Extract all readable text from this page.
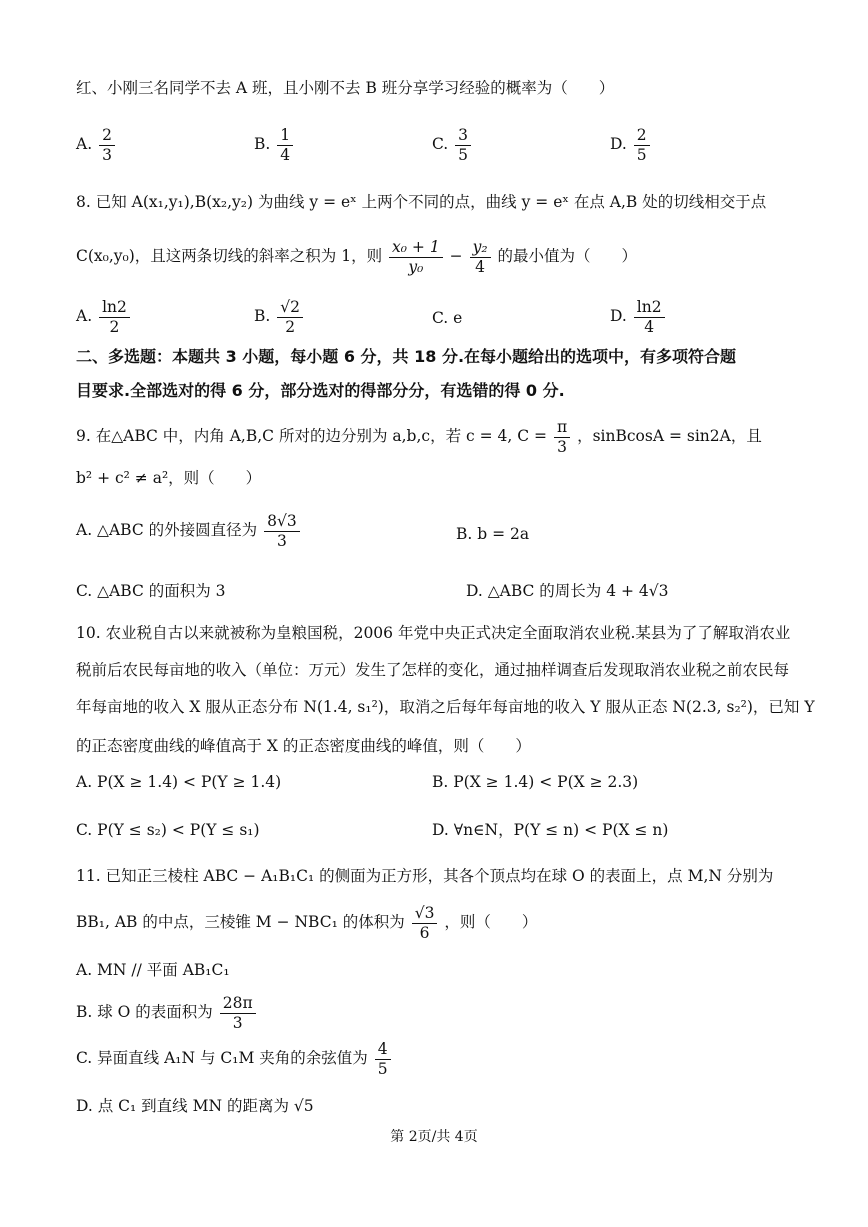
红、小刚三名同学不去 A 班，且小刚不去 B 班分享学习经验的概率为（　　）
A. $\frac{2}{3}$	B. $\frac{1}{4}$	C. $\frac{3}{5}$	D. $\frac{2}{5}$
8. 已知 A(x₁,y₁),B(x₂,y₂) 为曲线 y = eˣ 上两个不同的点，曲线 y = eˣ 在点 A,B 处的切线相交于点
C(x₀,y₀)，且这两条切线的斜率之积为 1，则 $\frac{\text{x₀ + 1}}{\text{y₀}} - \frac{\text{y₂}}{4}$ 的最小值为（　　）
A. $\frac{\ln 2}{2}$	B. $\frac{√2}{2}$	C. e	D. $\frac{\ln 2}{4}$
二、多选题：本题共 3 小题，每小题 6 分，共 18 分.在每小题给出的选项中，有多项符合题
目要求.全部选对的得 6 分，部分选对的得部分分，有选错的得 0 分.
9. 在△ABC 中，内角 A,B,C 所对的边分别为 a,b,c，若 c = 4, $C = \frac{\pi}{3}$ ，sinBcosA = sin2A，且
b² + c² ≠ a²，则（　　）
A. △ABC 的外接圆直径为 $\frac{8√3}{3}$	B. b = 2a
C. △ABC 的面积为 3	D. △ABC 的周长为 4 + 4√3
10. 农业税自古以来就被称为皇粮国税，2006 年党中央正式决定全面取消农业税.某县为了了解取消农业
税前后农民每亩地的收入（单位：万元）发生了怎样的变化，通过抽样调查后发现取消农业税之前农民每
年每亩地的收入 X 服从正态分布 N(1.4, s₁²)，取消之后每年每亩地的收入 Y 服从正态 N(2.3, s₂²)，已知 Y
的正态密度曲线的峰值高于 X 的正态密度曲线的峰值，则（　　）
A. P(X ≥ 1.4) < P(Y ≥ 1.4)	B. P(X ≥ 1.4) < P(X ≥ 2.3)
C. P(Y ≤ s₂) < P(Y ≤ s₁)	D. ∀n∈N，P(Y ≤ n) < P(X ≤ n)
11. 已知正三棱柱 ABC − A₁B₁C₁ 的侧面为正方形，其各个顶点均在球 O 的表面上，点 M,N 分别为
BB₁, AB 的中点，三棱锥 M − NBC₁ 的体积为 $\frac{√3}{6}$ ，则（　　）
A. MN // 平面 AB₁C₁
B. 球 O 的表面积为 $\frac{28\pi}{3}$
C. 异面直线 A₁N 与 C₁M 夹角的余弦值为 $\frac{4}{5}$
D. 点 C₁ 到直线 MN 的距离为 √5
第 2页/共 4页
